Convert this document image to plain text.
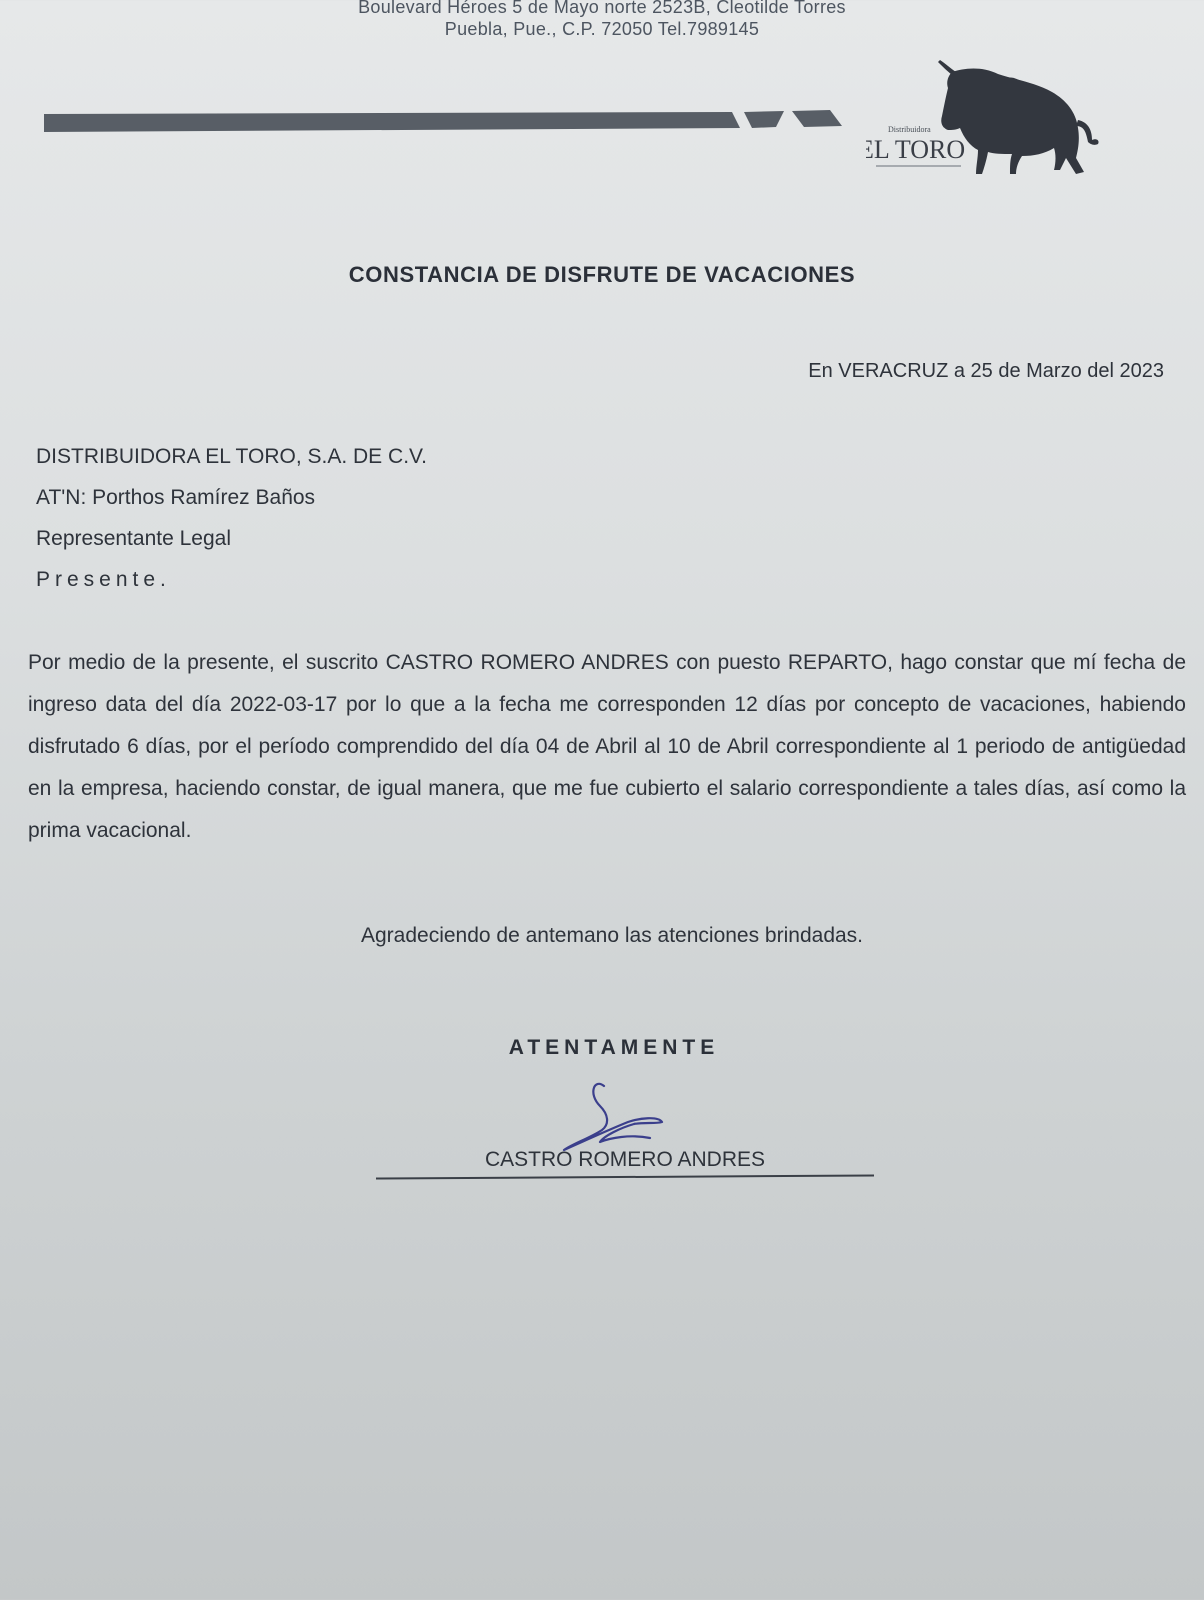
Boulevard Héroes 5 de Mayo norte 2523B, Cleotilde Torres
Puebla, Pue., C.P. 72050 Tel.7989145
Distribuidora
EL TORO
CONSTANCIA DE DISFRUTE DE VACACIONES
En VERACRUZ a 25 de Marzo del 2023
DISTRIBUIDORA EL TORO, S.A. DE C.V.
AT'N: Porthos Ramírez Baños
Representante Legal
Presente.
Por medio de la presente, el suscrito CASTRO ROMERO ANDRES con puesto REPARTO, hago constar que mí fecha de ingreso data del día 2022-03-17 por lo que a la fecha me corresponden 12 días por concepto de vacaciones, habiendo disfrutado 6 días, por el período comprendido del día 04 de Abril al 10 de Abril correspondiente al 1 periodo de antigüedad en la empresa, haciendo constar, de igual manera, que me fue cubierto el salario correspondiente a tales días, así como la prima vacacional.
Agradeciendo de antemano las atenciones brindadas.
ATENTAMENTE
CASTRO ROMERO ANDRES
